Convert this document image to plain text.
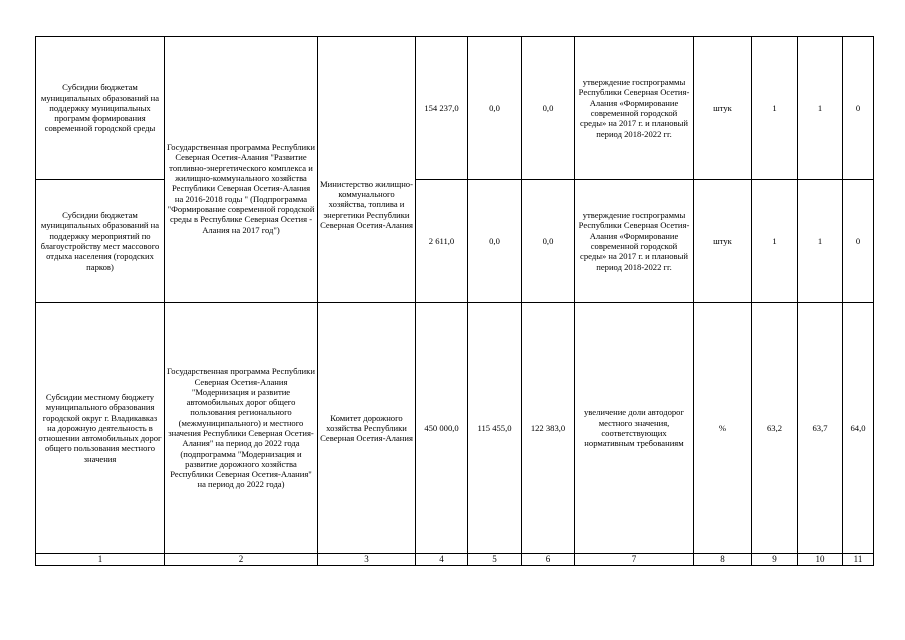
Субсидии бюджетам муниципальных образований на поддержку муниципальных программ формирования современной городской среды	Государственная программа Республики Северная Осетия-Алания "Развитие топливно-энергетического комплекса и жилищно-коммунального хозяйства Республики Северная Осетия-Алания на 2016-2018 годы " (Подпрограмма "Формирование современной городской среды в Республике Северная Осетия - Алания на 2017 год")	Министерство жилищно-коммунального хозяйства, топлива и энергетики Республики Северная Осетия-Алания	154 237,0	0,0	0,0	утверждение госпрограммы Республики Северная Осетия-Алания «Формирование современной городской среды» на 2017 г. и плановый период 2018-2022 гг.	штук	1	1	0
Субсидии бюджетам муниципальных образований на поддержку мероприятий по благоустройству мест массового отдыха населения (городских парков)			2 611,0	0,0	0,0	утверждение госпрограммы Республики Северная Осетия-Алания «Формирование современной городской среды» на 2017 г. и плановый период 2018-2022 гг.	штук	1	1	0
Субсидии местному бюджету муниципального образования городской округ г. Владикавказ на дорожную деятельность в отношении автомобильных дорог общего пользования местного значения	Государственная программа Республики Северная Осетия-Алания "Модернизация и развитие автомобильных дорог общего пользования регионального (межмуниципального) и местного значения Республики Северная Осетия-Алания" на период до 2022 года (подпрограмма "Модернизация и развитие дорожного хозяйства Республики Северная Осетия-Алания" на период до 2022 года)	Комитет дорожного хозяйства Республики Северная Осетия-Алания	450 000,0	115 455,0	122 383,0	увеличение доли автодорог местного значения, соответствующих нормативным требованиям	%	63,2	63,7	64,0
1	2	3	4	5	6	7	8	9	10	11
